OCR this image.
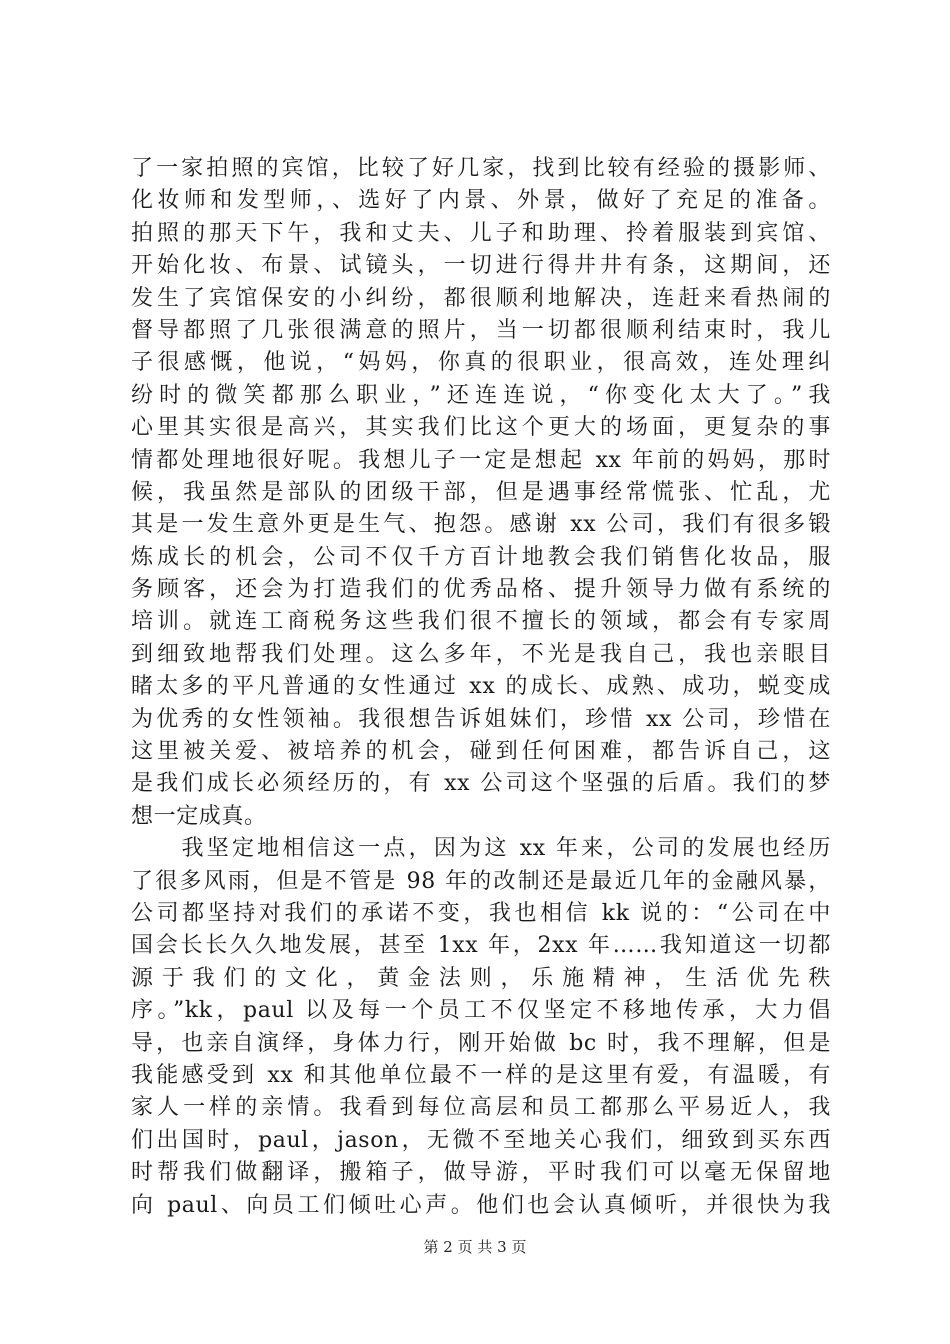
了一家拍照的宾馆，比较了好几家，找到比较有经验的摄影师、
化妆师和发型师，、选好了内景、外景，做好了充足的准备。
拍照的那天下午，我和丈夫、儿子和助理、拎着服装到宾馆、
开始化妆、布景、试镜头，一切进行得井井有条，这期间，还
发生了宾馆保安的小纠纷，都很顺利地解决，连赶来看热闹的
督导都照了几张很满意的照片，当一切都很顺利结束时，我儿
子很感慨，他说，“妈妈，你真的很职业，很高效，连处理纠
纷时的微笑都那么职业，”还连连说，“你变化太大了。”我
心里其实很是高兴，其实我们比这个更大的场面，更复杂的事
情都处理地很好呢。我想儿子一定是想起 xx 年前的妈妈，那时
候，我虽然是部队的团级干部，但是遇事经常慌张、忙乱，尤
其是一发生意外更是生气、抱怨。感谢 xx 公司，我们有很多锻
炼成长的机会，公司不仅千方百计地教会我们销售化妆品，服
务顾客，还会为打造我们的优秀品格、提升领导力做有系统的
培训。就连工商税务这些我们很不擅长的领域，都会有专家周
到细致地帮我们处理。这么多年，不光是我自己，我也亲眼目
睹太多的平凡普通的女性通过 xx 的成长、成熟、成功，蜕变成
为优秀的女性领袖。我很想告诉姐妹们，珍惜 xx 公司，珍惜在
这里被关爱、被培养的机会，碰到任何困难，都告诉自己，这
是我们成长必须经历的，有 xx 公司这个坚强的后盾。我们的梦
想一定成真。
　　我坚定地相信这一点，因为这 xx 年来，公司的发展也经历
了很多风雨，但是不管是 98 年的改制还是最近几年的金融风暴，
公司都坚持对我们的承诺不变，我也相信 kk 说的：“公司在中
国会长长久久地发展，甚至 1xx 年，2xx 年……我知道这一切都
源于我们的文化，黄金法则，乐施精神，生活优先秩
序。”kk，paul 以及每一个员工不仅坚定不移地传承，大力倡
导，也亲自演绎，身体力行，刚开始做 bc 时，我不理解，但是
我能感受到 xx 和其他单位最不一样的是这里有爱，有温暖，有
家人一样的亲情。我看到每位高层和员工都那么平易近人，我
们出国时，paul，jason，无微不至地关心我们，细致到买东西
时帮我们做翻译，搬箱子，做导游，平时我们可以毫无保留地
向 paul、向员工们倾吐心声。他们也会认真倾听，并很快为我
第 2 页 共 3 页
